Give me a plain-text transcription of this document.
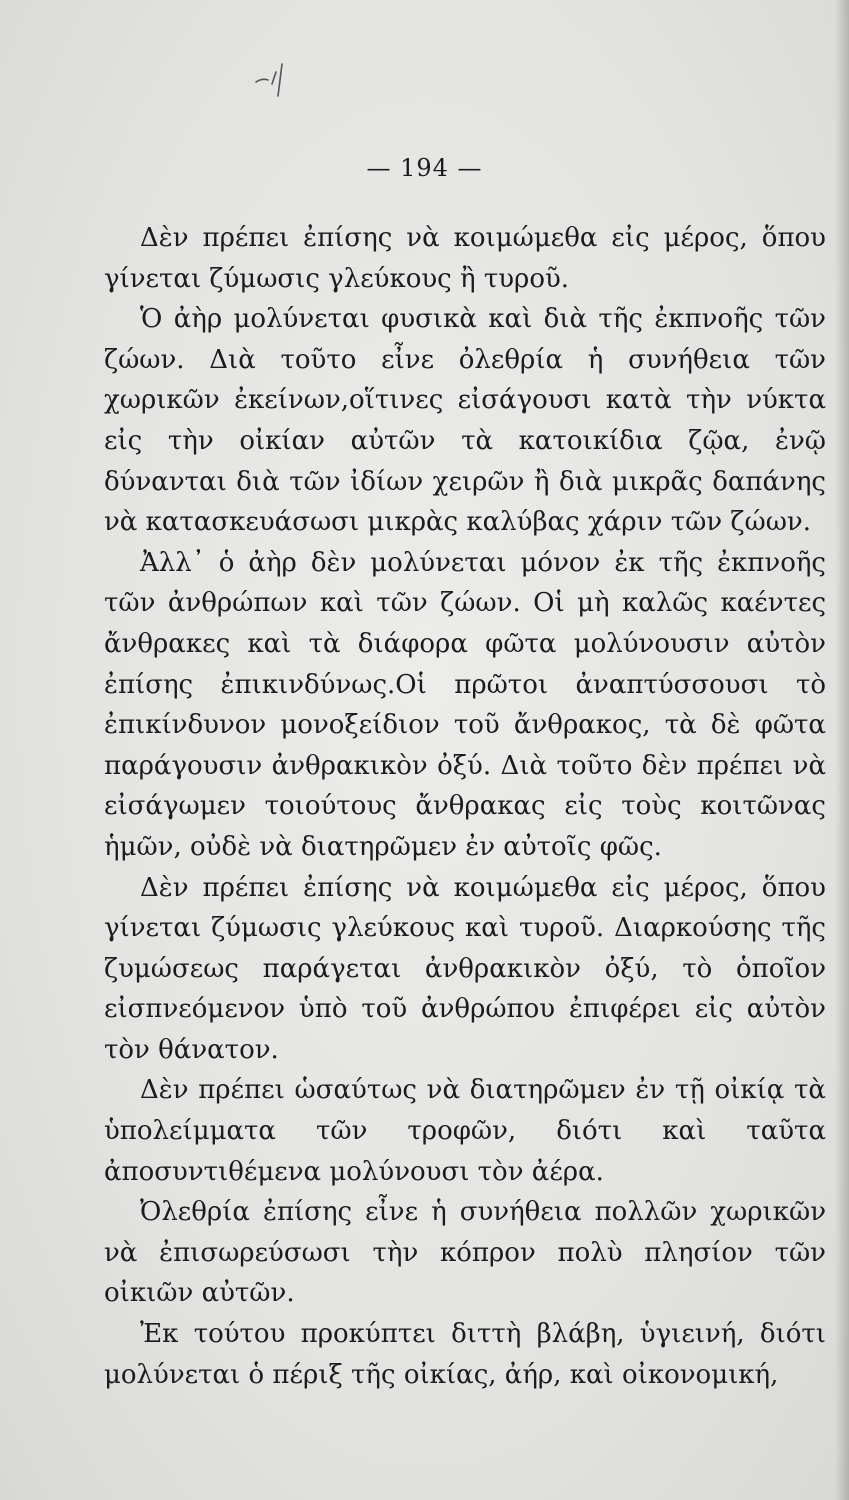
— 194 —

Δὲν πρέπει ἐπίσης νὰ κοιμώμεθα εἰς μέρος, ὅπου γίνεται ζύμωσις γλεύκους ἢ τυροῦ.

Ὁ ἀὴρ μολύνεται φυσικὰ καὶ διὰ τῆς ἐκπνοῆς τῶν ζώων. Διὰ τοῦτο εἶνε ὀλεθρία ἡ συνήθεια τῶν χωρικῶν ἐκείνων,οἵτινες εἰσάγουσι κατὰ τὴν νύκτα εἰς τὴν οἰκίαν αὐτῶν τὰ κατοικίδια ζῷα, ἐνῷ δύνανται διὰ τῶν ἰδίων χειρῶν ἢ διὰ μικρᾶς δαπάνης νὰ κατασκευάσωσι μικρὰς καλύβας χάριν τῶν ζώων.

Ἀλλ᾽ ὁ ἀὴρ δὲν μολύνεται μόνον ἐκ τῆς ἐκπνοῆς τῶν ἀνθρώπων καὶ τῶν ζώων. Οἱ μὴ καλῶς καέντες ἄνθρακες καὶ τὰ διάφορα φῶτα μολύνουσιν αὐτὸν ἐπίσης ἐπικινδύνως.Οἱ πρῶτοι ἀναπτύσσουσι τὸ ἐπικίνδυνον μονοξείδιον τοῦ ἄνθρακος, τὰ δὲ φῶτα παράγουσιν ἀνθρακικὸν ὀξύ. Διὰ τοῦτο δὲν πρέπει νὰ εἰσάγωμεν τοιούτους ἄνθρακας εἰς τοὺς κοιτῶνας ἡμῶν, οὐδὲ νὰ διατηρῶμεν ἐν αὐτοῖς φῶς.

Δὲν πρέπει ἐπίσης νὰ κοιμώμεθα εἰς μέρος, ὅπου γίνεται ζύμωσις γλεύκους καὶ τυροῦ. Διαρκούσης τῆς ζυμώσεως παράγεται ἀνθρακικὸν ὀξύ, τὸ ὁποῖον εἰσπνεόμενον ὑπὸ τοῦ ἀνθρώπου ἐπιφέρει εἰς αὐτὸν τὸν θάνατον.

Δὲν πρέπει ὡσαύτως νὰ διατηρῶμεν ἐν τῇ οἰκίᾳ τὰ ὑπολείμματα τῶν τροφῶν, διότι καὶ ταῦτα ἀποσυντιθέμενα μολύνουσι τὸν ἀέρα.

Ὀλεθρία ἐπίσης εἶνε ἡ συνήθεια πολλῶν χωρικῶν νὰ ἐπισωρεύσωσι τὴν κόπρον πολὺ πλησίον τῶν οἰκιῶν αὐτῶν.

Ἐκ τούτου προκύπτει διττὴ βλάβη, ὑγιεινή, διότι μολύνεται ὁ πέριξ τῆς οἰκίας, ἀήρ, καὶ οἰκονομική,
